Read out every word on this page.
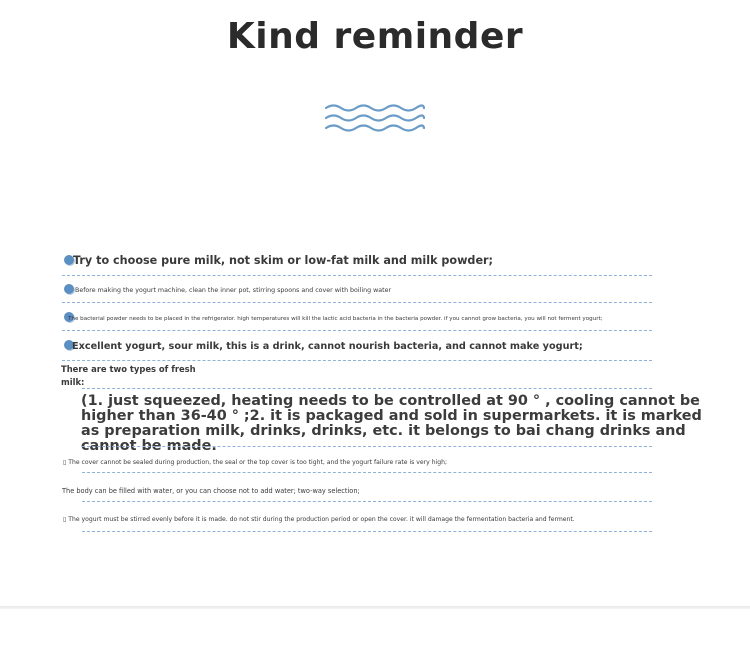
Kind reminder
Try to choose pure milk, not skim or low-fat milk and milk powder;
Before making the yogurt machine, clean the inner pot, stirring spoons and cover with boiling water
The bacterial powder needs to be placed in the refrigerator. high temperatures will kill the lactic acid bacteria in the bacteria powder. if you cannot grow bacteria, you will not ferment yogurt;
Excellent yogurt, sour milk, this is a drink, cannot nourish bacteria, and cannot make yogurt;
There are two types of fresh
milk:
(1. just squeezed, heating needs to be controlled at 90 ° , cooling cannot be higher than 36-40 ° ;2. it is packaged and sold in supermarkets. it is marked as preparation milk, drinks, drinks, etc. it belongs to bai chang drinks and cannot be made.
▯ The cover cannot be sealed during production, the seal or the top cover is too tight, and the yogurt failure rate is very high;
The body can be filled with water, or you can choose not to add water; two-way selection;
▯ The yogurt must be stirred evenly before it is made. do not stir during the production period or open the cover. it will damage the fermentation bacteria and ferment.
